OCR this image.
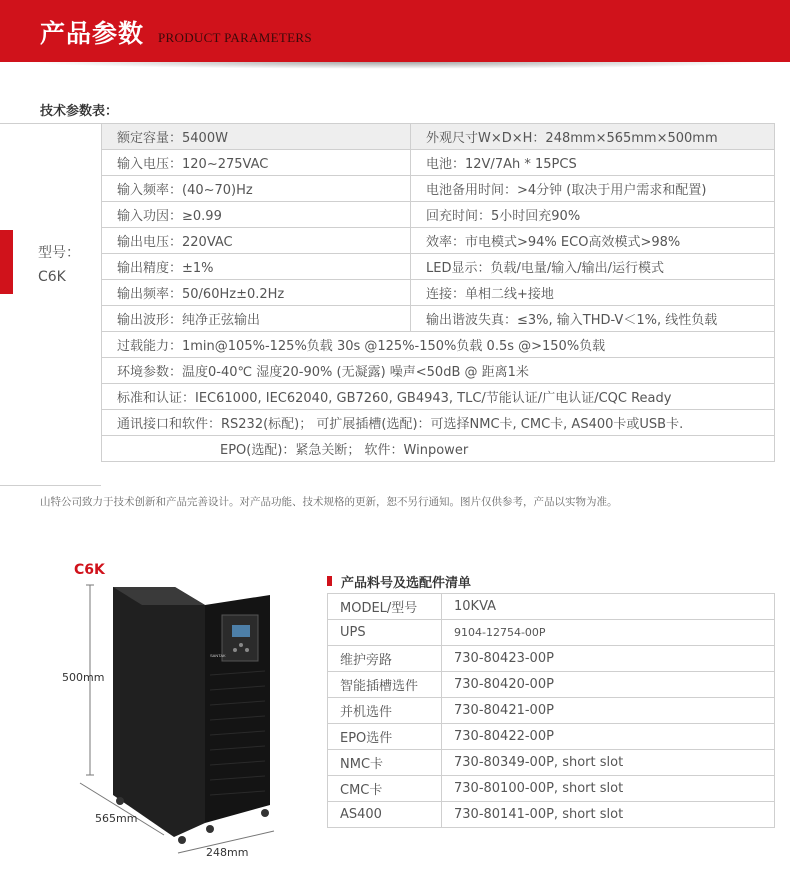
产品参数 PRODUCT PARAMETERS
技术参数表：
型号：
C6K
额定容量：5400W	外观尺寸W×D×H：248mm×565mm×500mm
输入电压：120~275VAC	电池：12V/7Ah * 15PCS
输入频率：(40~70)Hz	电池备用时间：>4分钟 (取决于用户需求和配置)
输入功因：≥0.99	回充时间：5小时回充90%
输出电压：220VAC	效率：市电模式>94% ECO高效模式>98%
输出精度：±1%	LED显示：负载/电量/输入/输出/运行模式
输出频率：50/60Hz±0.2Hz	连接：单相二线+接地
输出波形：纯净正弦输出	输出谐波失真：≤3%, 输入THD-V＜1%, 线性负载
过载能力：1min@105%-125%负载 30s @125%-150%负载 0.5s @>150%负载	
环境参数：温度0-40℃ 湿度20-90% (无凝露) 噪声<50dB @ 距离1米	
标准和认证：IEC61000, IEC62040, GB7260, GB4943, TLC/节能认证/广电认证/CQC Ready	
通讯接口和软件：RS232(标配)； 可扩展插槽(选配)：可选择NMC卡, CMC卡, AS400卡或USB卡.	
EPO(选配)：紧急关断； 软件：Winpower	
山特公司致力于技术创新和产品完善设计。对产品功能、技术规格的更新，恕不另行通知。图片仅供参考，产品以实物为准。
C6K
SANTAK
500mm
565mm
248mm
产品料号及选配件清单
MODEL/型号	10KVA
UPS	9104-12754-00P
维护旁路	730-80423-00P
智能插槽选件	730-80420-00P
并机选件	730-80421-00P
EPO选件	730-80422-00P
NMC卡	730-80349-00P, short slot
CMC卡	730-80100-00P, short slot
AS400	730-80141-00P, short slot
